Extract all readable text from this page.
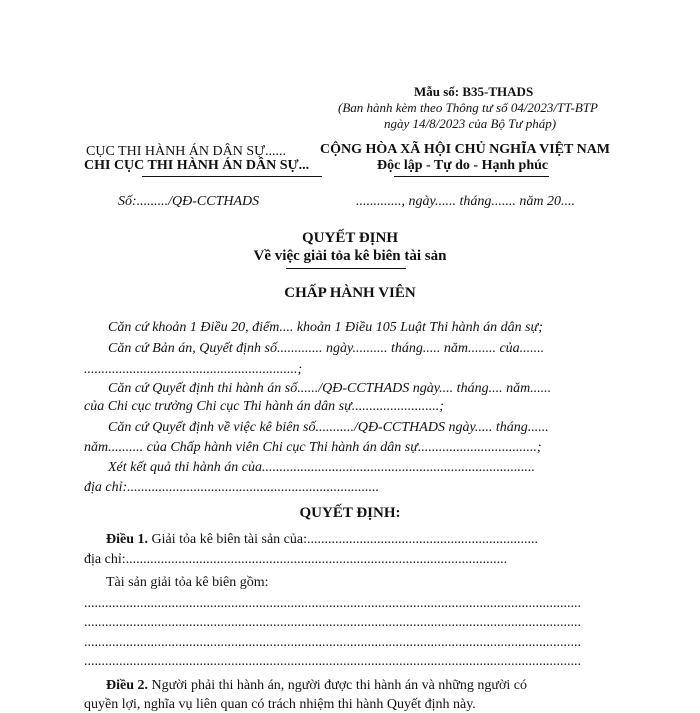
Mẫu số: B35-THADS
(Ban hành kèm theo Thông tư số 04/2023/TT-BTP
ngày 14/8/2023 của Bộ Tư pháp)
CỤC THI HÀNH ÁN DÂN SỰ......
CHI CỤC THI HÀNH ÁN DÂN SỰ...
CỘNG HÒA XÃ HỘI CHỦ NGHĨA VIỆT NAM
Độc lập - Tự do - Hạnh phúc
Số:........./QĐ-CCTHADS	............., ngày...... tháng....... năm 20....
QUYẾT ĐỊNH
Về việc giải tỏa kê biên tài sản
CHẤP HÀNH VIÊN
Căn cứ khoản 1 Điều 20, điểm.... khoản 1 Điều 105 Luật Thi hành án dân sự;
Căn cứ Bản án, Quyết định số............. ngày.......... tháng..... năm........ của.......
.............................................................;
Căn cứ Quyết định thi hành án số....../QĐ-CCTHADS ngày.... tháng.... năm......
của Chi cục trưởng Chi cục Thi hành án dân sự.........................;
Căn cứ Quyết định về việc kê biên số.........../QĐ-CCTHADS ngày..... tháng......
năm.......... của Chấp hành viên Chi cục Thi hành án dân sự..................................;
Xét kết quả thi hành án của..............................................................................
địa chỉ:........................................................................
QUYẾT ĐỊNH:
Điều 1. Giải tỏa kê biên tài sản của:..................................................................
địa chỉ:.............................................................................................................
Tài sản giải tỏa kê biên gồm:
..............................................................................................................................................
..............................................................................................................................................
..............................................................................................................................................
..............................................................................................................................................
Điều 2. Người phải thi hành án, người được thi hành án và những người có
quyền lợi, nghĩa vụ liên quan có trách nhiệm thi hành Quyết định này.
